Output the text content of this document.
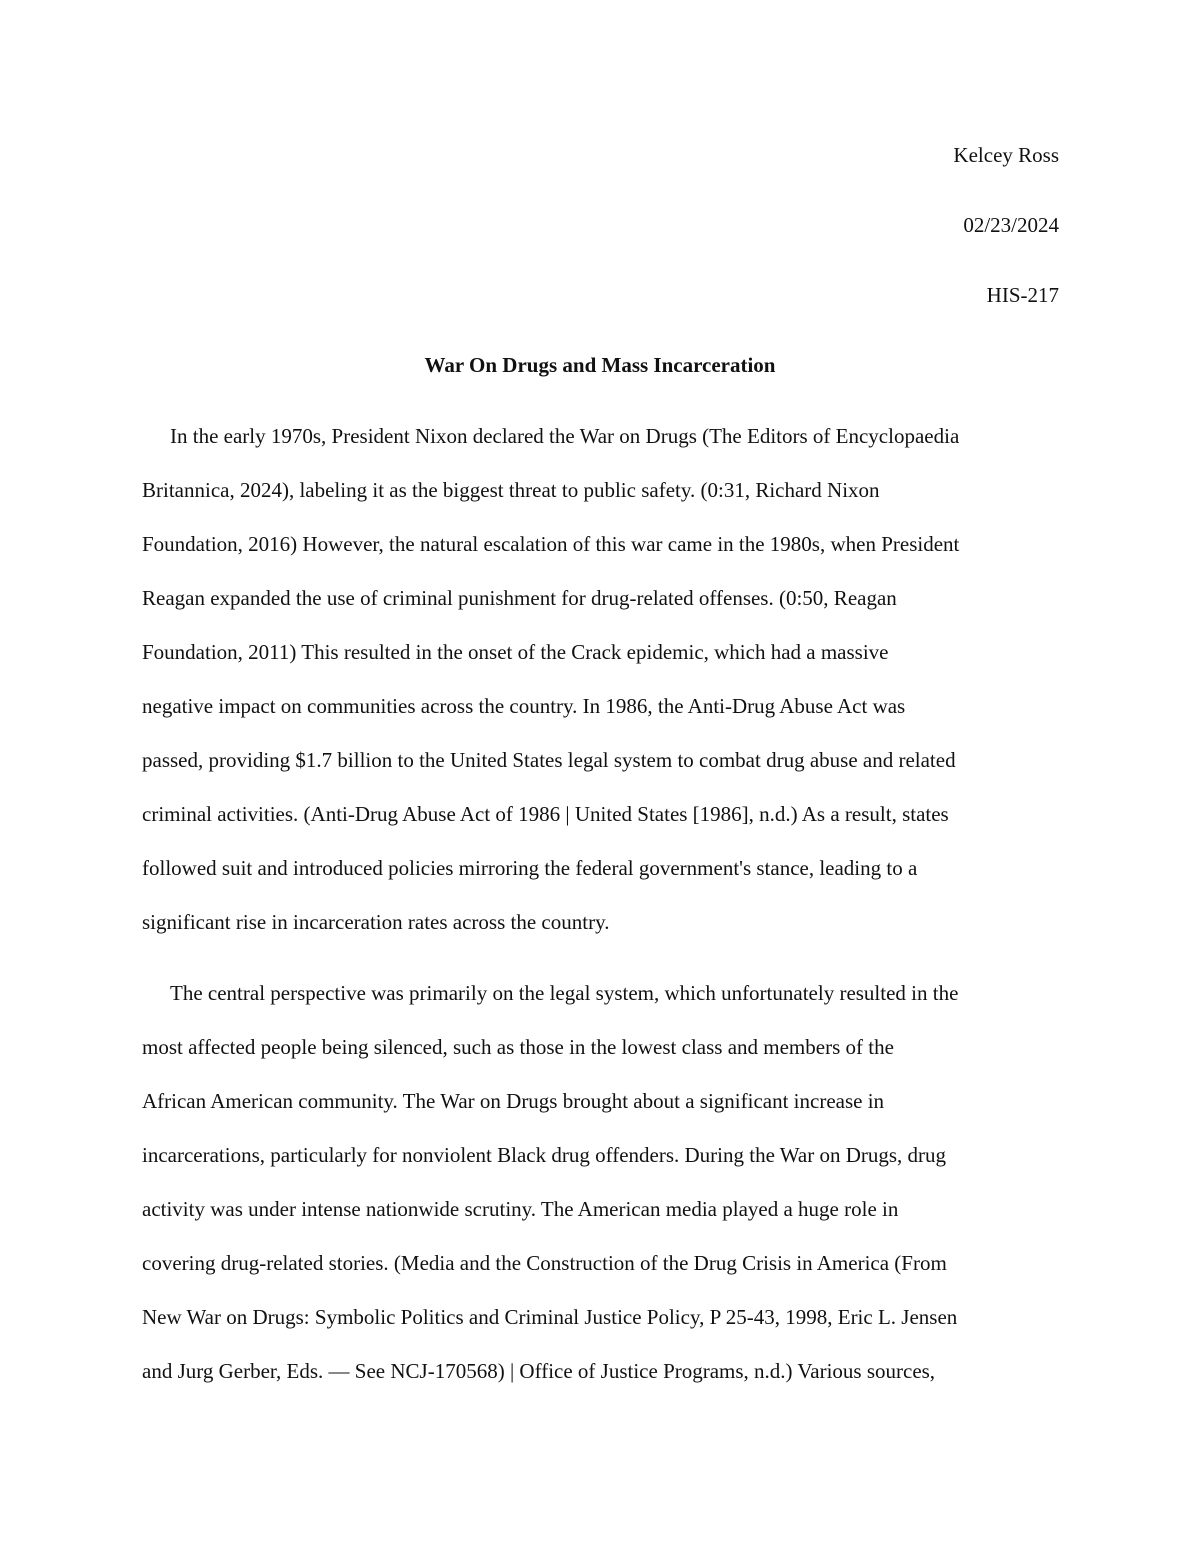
Kelcey Ross
02/23/2024
HIS-217
War On Drugs and Mass Incarceration
In the early 1970s, President Nixon declared the War on Drugs (The Editors of Encyclopaedia
Britannica, 2024), labeling it as the biggest threat to public safety. (0:31, Richard Nixon
Foundation, 2016) However, the natural escalation of this war came in the 1980s, when President
Reagan expanded the use of criminal punishment for drug-related offenses. (0:50, Reagan
Foundation, 2011) This resulted in the onset of the Crack epidemic, which had a massive
negative impact on communities across the country. In 1986, the Anti-Drug Abuse Act was
passed, providing $1.7 billion to the United States legal system to combat drug abuse and related
criminal activities. (Anti-Drug Abuse Act of 1986 | United States [1986], n.d.) As a result, states
followed suit and introduced policies mirroring the federal government's stance, leading to a
significant rise in incarceration rates across the country.
The central perspective was primarily on the legal system, which unfortunately resulted in the
most affected people being silenced, such as those in the lowest class and members of the
African American community. The War on Drugs brought about a significant increase in
incarcerations, particularly for nonviolent Black drug offenders. During the War on Drugs, drug
activity was under intense nationwide scrutiny. The American media played a huge role in
covering drug-related stories. (Media and the Construction of the Drug Crisis in America (From
New War on Drugs: Symbolic Politics and Criminal Justice Policy, P 25-43, 1998, Eric L. Jensen
and Jurg Gerber, Eds. — See NCJ-170568) | Office of Justice Programs, n.d.) Various sources,
